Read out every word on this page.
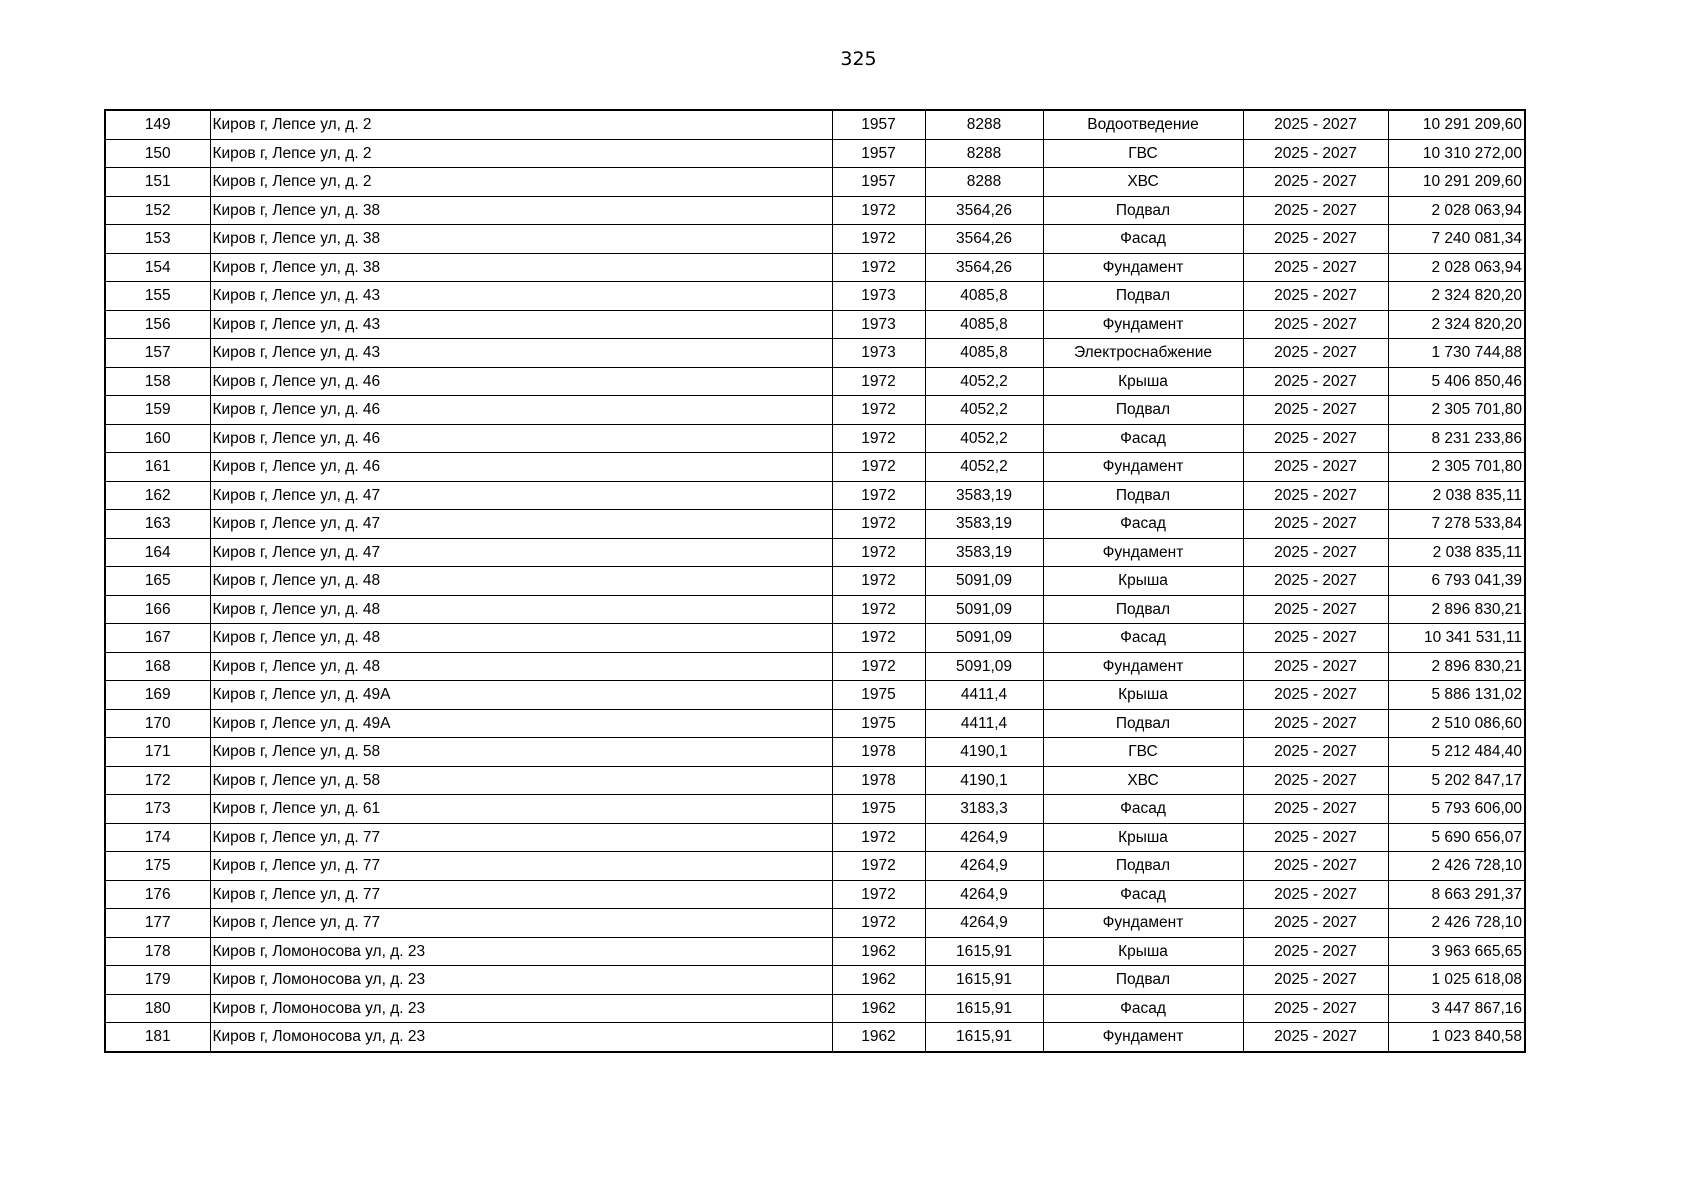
325
149	Киров г, Лепсе ул, д. 2	1957	8288	Водоотведение	2025 - 2027	10 291 209,60
150	Киров г, Лепсе ул, д. 2	1957	8288	ГВС	2025 - 2027	10 310 272,00
151	Киров г, Лепсе ул, д. 2	1957	8288	ХВС	2025 - 2027	10 291 209,60
152	Киров г, Лепсе ул, д. 38	1972	3564,26	Подвал	2025 - 2027	2 028 063,94
153	Киров г, Лепсе ул, д. 38	1972	3564,26	Фасад	2025 - 2027	7 240 081,34
154	Киров г, Лепсе ул, д. 38	1972	3564,26	Фундамент	2025 - 2027	2 028 063,94
155	Киров г, Лепсе ул, д. 43	1973	4085,8	Подвал	2025 - 2027	2 324 820,20
156	Киров г, Лепсе ул, д. 43	1973	4085,8	Фундамент	2025 - 2027	2 324 820,20
157	Киров г, Лепсе ул, д. 43	1973	4085,8	Электроснабжение	2025 - 2027	1 730 744,88
158	Киров г, Лепсе ул, д. 46	1972	4052,2	Крыша	2025 - 2027	5 406 850,46
159	Киров г, Лепсе ул, д. 46	1972	4052,2	Подвал	2025 - 2027	2 305 701,80
160	Киров г, Лепсе ул, д. 46	1972	4052,2	Фасад	2025 - 2027	8 231 233,86
161	Киров г, Лепсе ул, д. 46	1972	4052,2	Фундамент	2025 - 2027	2 305 701,80
162	Киров г, Лепсе ул, д. 47	1972	3583,19	Подвал	2025 - 2027	2 038 835,11
163	Киров г, Лепсе ул, д. 47	1972	3583,19	Фасад	2025 - 2027	7 278 533,84
164	Киров г, Лепсе ул, д. 47	1972	3583,19	Фундамент	2025 - 2027	2 038 835,11
165	Киров г, Лепсе ул, д. 48	1972	5091,09	Крыша	2025 - 2027	6 793 041,39
166	Киров г, Лепсе ул, д. 48	1972	5091,09	Подвал	2025 - 2027	2 896 830,21
167	Киров г, Лепсе ул, д. 48	1972	5091,09	Фасад	2025 - 2027	10 341 531,11
168	Киров г, Лепсе ул, д. 48	1972	5091,09	Фундамент	2025 - 2027	2 896 830,21
169	Киров г, Лепсе ул, д. 49А	1975	4411,4	Крыша	2025 - 2027	5 886 131,02
170	Киров г, Лепсе ул, д. 49А	1975	4411,4	Подвал	2025 - 2027	2 510 086,60
171	Киров г, Лепсе ул, д. 58	1978	4190,1	ГВС	2025 - 2027	5 212 484,40
172	Киров г, Лепсе ул, д. 58	1978	4190,1	ХВС	2025 - 2027	5 202 847,17
173	Киров г, Лепсе ул, д. 61	1975	3183,3	Фасад	2025 - 2027	5 793 606,00
174	Киров г, Лепсе ул, д. 77	1972	4264,9	Крыша	2025 - 2027	5 690 656,07
175	Киров г, Лепсе ул, д. 77	1972	4264,9	Подвал	2025 - 2027	2 426 728,10
176	Киров г, Лепсе ул, д. 77	1972	4264,9	Фасад	2025 - 2027	8 663 291,37
177	Киров г, Лепсе ул, д. 77	1972	4264,9	Фундамент	2025 - 2027	2 426 728,10
178	Киров г, Ломоносова ул, д. 23	1962	1615,91	Крыша	2025 - 2027	3 963 665,65
179	Киров г, Ломоносова ул, д. 23	1962	1615,91	Подвал	2025 - 2027	1 025 618,08
180	Киров г, Ломоносова ул, д. 23	1962	1615,91	Фасад	2025 - 2027	3 447 867,16
181	Киров г, Ломоносова ул, д. 23	1962	1615,91	Фундамент	2025 - 2027	1 023 840,58
